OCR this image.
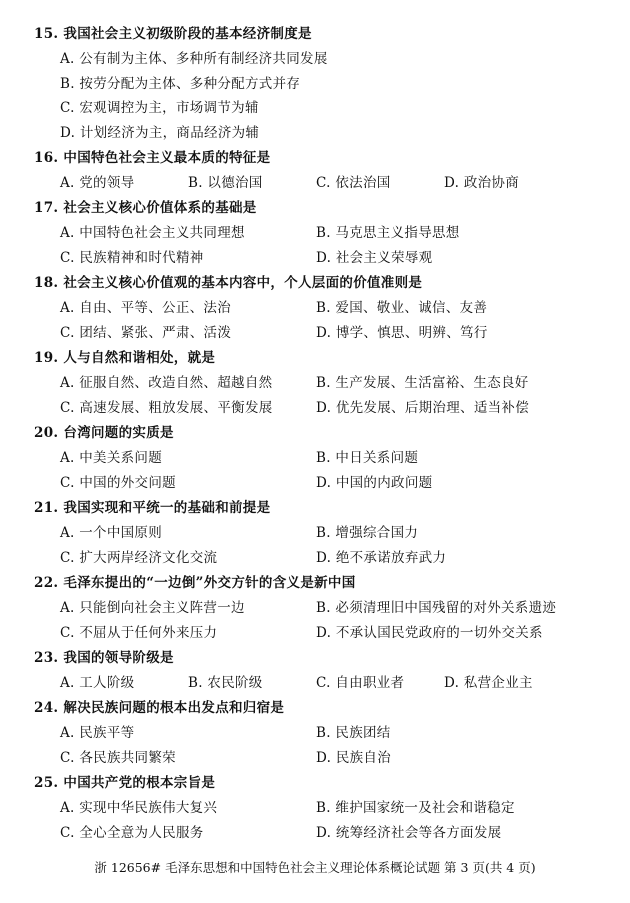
15. 我国社会主义初级阶段的基本经济制度是
A. 公有制为主体、多种所有制经济共同发展
B. 按劳分配为主体、多种分配方式并存
C. 宏观调控为主，市场调节为辅
D. 计划经济为主，商品经济为辅
16. 中国特色社会主义最本质的特征是
A. 党的领导	B. 以德治国	C. 依法治国	D. 政治协商
17. 社会主义核心价值体系的基础是
A. 中国特色社会主义共同理想	B. 马克思主义指导思想
C. 民族精神和时代精神	D. 社会主义荣辱观
18. 社会主义核心价值观的基本内容中，个人层面的价值准则是
A. 自由、平等、公正、法治	B. 爱国、敬业、诚信、友善
C. 团结、紧张、严肃、活泼	D. 博学、慎思、明辨、笃行
19. 人与自然和谐相处，就是
A. 征服自然、改造自然、超越自然	B. 生产发展、生活富裕、生态良好
C. 高速发展、粗放发展、平衡发展	D. 优先发展、后期治理、适当补偿
20. 台湾问题的实质是
A. 中美关系问题	B. 中日关系问题
C. 中国的外交问题	D. 中国的内政问题
21. 我国实现和平统一的基础和前提是
A. 一个中国原则	B. 增强综合国力
C. 扩大两岸经济文化交流	D. 绝不承诺放弃武力
22. 毛泽东提出的“一边倒”外交方针的含义是新中国
A. 只能倒向社会主义阵营一边	B. 必须清理旧中国残留的对外关系遗迹
C. 不屈从于任何外来压力	D. 不承认国民党政府的一切外交关系
23. 我国的领导阶级是
A. 工人阶级	B. 农民阶级	C. 自由职业者	D. 私营企业主
24. 解决民族问题的根本出发点和归宿是
A. 民族平等	B. 民族团结
C. 各民族共同繁荣	D. 民族自治
25. 中国共产党的根本宗旨是
A. 实现中华民族伟大复兴	B. 维护国家统一及社会和谐稳定
C. 全心全意为人民服务	D. 统筹经济社会等各方面发展
浙 12656# 毛泽东思想和中国特色社会主义理论体系概论试题 第 3 页(共 4 页)
